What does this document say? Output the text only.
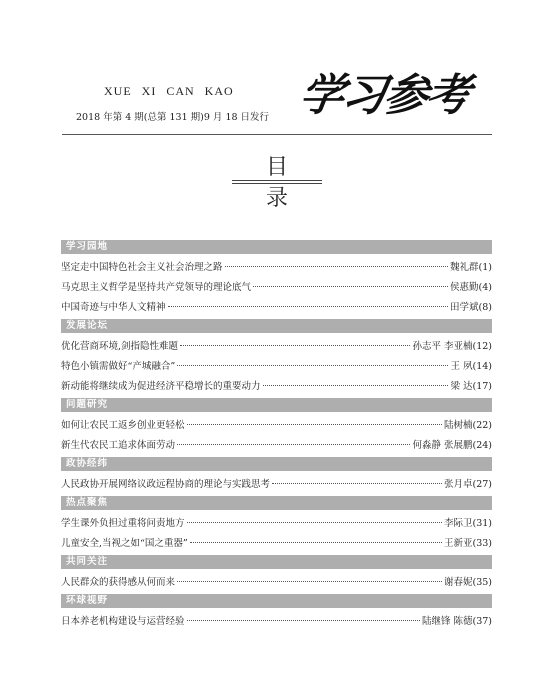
XUE XI CAN KAO
2018 年第 4 期(总第 131 期)9 月 18 日发行 学习参考
目 录
学习园地
坚定走中国特色社会主义社会治理之路	魏礼群(1)
马克思主义哲学是坚持共产党领导的理论底气	侯惠勤(4)
中国奇迹与中华人文精神	田学斌(8)
发展论坛
优化营商环境,剑指隐性难题	孙志平 李亚楠(12)
特色小镇需做好“产城融合”	王 夙(14)
新动能将继续成为促进经济平稳增长的重要动力	梁 达(17)
问题研究
如何让农民工返乡创业更轻松	陆树楠(22)
新生代农民工追求体面劳动	何淼静 张展鹏(24)
政协经纬
人民政协开展网络议政远程协商的理论与实践思考	张月卓(27)
热点聚焦
学生课外负担过重将问责地方	李际卫(31)
儿童安全,当视之如“国之重器”	王新亚(33)
共同关注
人民群众的获得感从何而来	谢春妮(35)
环球视野
日本养老机构建设与运营经验	陆继锋 陈德(37)
